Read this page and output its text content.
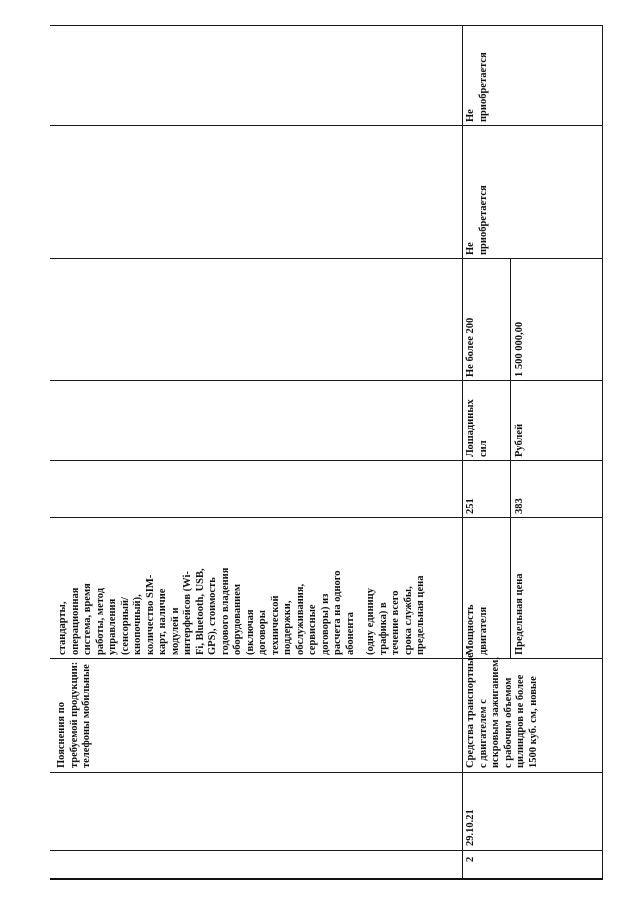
Пояснения по требуемой продукции: телефоны мобильные
стандарты, операционная система, время работы, метод управления (сенсорный/ кнопочный), количество SIM- карт, наличие модулей и интерфейсов (Wi- Fi, Bluetooth, USB, GPS), стоимость годового владения оборудованием (включая договоры технической поддержки, обслуживания, сервисные договоры) из расчета на одного абонента (одну единицу трафика) в течение всего срока службы, предельная цена
Не приобретается
Не приобретается
2
29.10.21
Средства транспортные с двигателем с искровым зажиганием, с рабочим объемом цилиндров не более 1500 куб. см, новые
Мощность двигателя
251
Лошадиных сил
Не более 200
Предельная цена
383
Рублей
1 500 000,00
